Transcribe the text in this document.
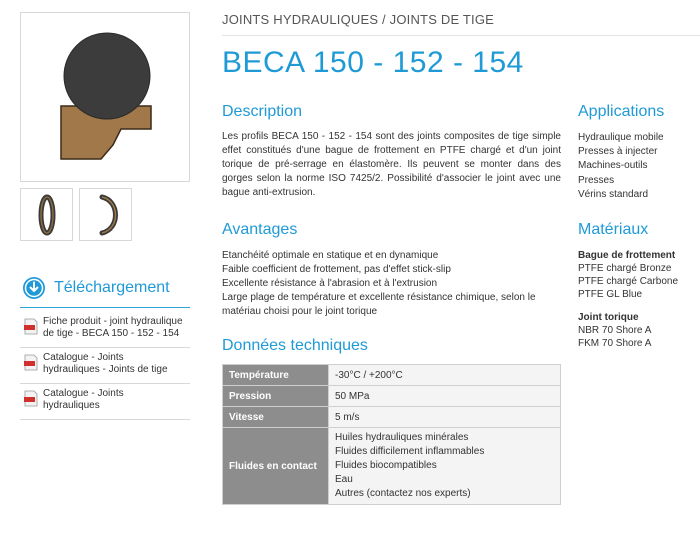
Téléchargement
Fiche produit - joint hydraulique
de tige - BECA 150 - 152 - 154
Catalogue - Joints
hydrauliques - Joints de tige
Catalogue - Joints
hydrauliques
JOINTS HYDRAULIQUES / JOINTS DE TIGE
BECA 150 - 152 - 154
Description

Les profils BECA 150 - 152 - 154 sont des joints composites de tige simple effet constitués d'une bague de frottement en PTFE chargé et d'un joint torique de pré-serrage en élastomère. Ils peuvent se monter dans des gorges selon la norme ISO 7425/2. Possibilité d'associer le joint avec une bague anti-extrusion.

Avantages
Etanchéité optimale en statique et en dynamique
Faible coefficient de frottement, pas d'effet stick-slip
Excellente résistance à l'abrasion et à l'extrusion
Large plage de température et excellente résistance chimique, selon le matériau choisi pour le joint torique
Données techniques
Température	-30°C / +200°C
Pression	50 MPa
Vitesse	5 m/s
Fluides en contact	Huiles hydrauliques minérales
Fluides difficilement inflammables
Fluides biocompatibles
Eau
Autres (contactez nos experts)
Applications
Hydraulique mobile
Presses à injecter
Machines-outils
Presses
Vérins standard
Matériaux
Bague de frottement
PTFE chargé Bronze
PTFE chargé Carbone
PTFE GL Blue
Joint torique
NBR 70 Shore A
FKM 70 Shore A
